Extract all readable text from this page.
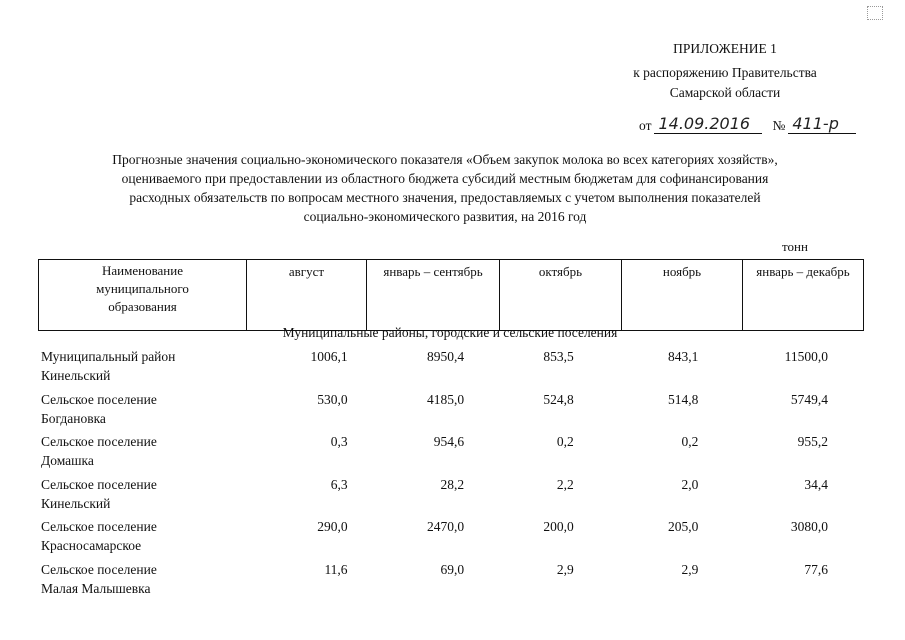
ПРИЛОЖЕНИЕ 1
к распоряжению Правительства
Самарской области
от 14.09.2016	№ 411-р
Прогнозные значения социально-экономического показателя «Объем закупок молока во всех категориях хозяйств»,
оцениваемого при предоставлении из областного бюджета субсидий местным бюджетам для софинансирования
расходных обязательств по вопросам местного значения, предоставляемых с учетом выполнения показателей
социально-экономического развития, на 2016 год
тонн
Наименование муниципального образования	август	январь – сентябрь	октябрь	ноябрь	январь – декабрь
Муниципальные районы, городские и сельские поселения
Муниципальный район
Кинельский
1006,1	8950,4	853,5	843,1	11500,0
Сельское поселение
Богдановка
530,0	4185,0	524,8	514,8	5749,4
Сельское поселение
Домашка
0,3	954,6	0,2	0,2	955,2
Сельское поселение
Кинельский
6,3	28,2	2,2	2,0	34,4
Сельское поселение
Красносамарское
290,0	2470,0	200,0	205,0	3080,0
Сельское поселение
Малая Малышевка
11,6	69,0	2,9	2,9	77,6
